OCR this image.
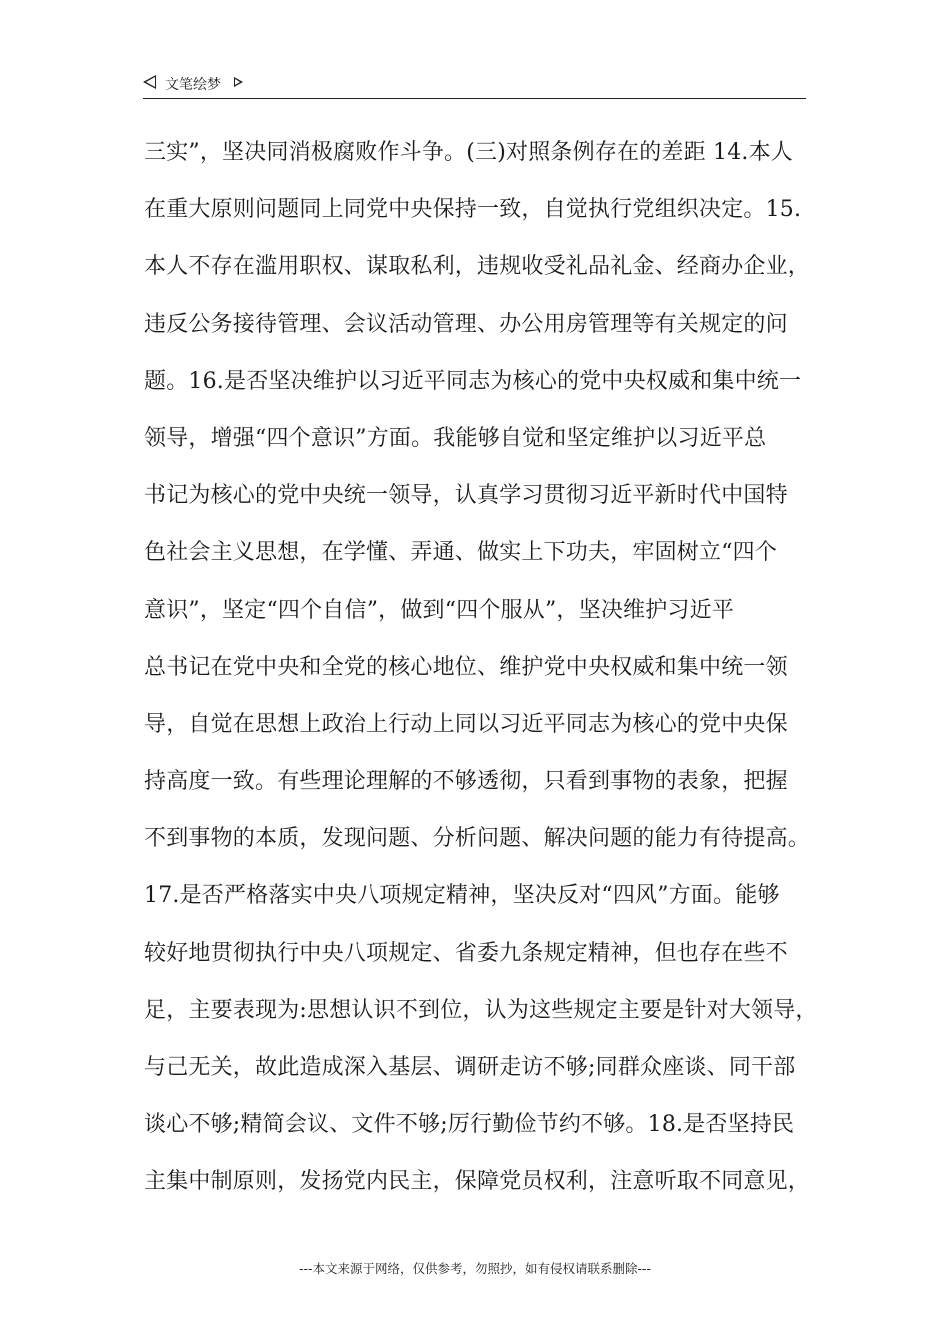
文笔绘梦
三实”，坚决同消极腐败作斗争。(三)对照条例存在的差距 14.本人
在重大原则问题同上同党中央保持一致，自觉执行党组织决定。15.
本人不存在滥用职权、谋取私利，违规收受礼品礼金、经商办企业，
违反公务接待管理、会议活动管理、办公用房管理等有关规定的问
题。16.是否坚决维护以习近平同志为核心的党中央权威和集中统一
领导，增强“四个意识”方面。我能够自觉和坚定维护以习近平总
书记为核心的党中央统一领导，认真学习贯彻习近平新时代中国特
色社会主义思想，在学懂、弄通、做实上下功夫，牢固树立“四个
意识”，坚定“四个自信”，做到“四个服从”，坚决维护习近平
总书记在党中央和全党的核心地位、维护党中央权威和集中统一领
导，自觉在思想上政治上行动上同以习近平同志为核心的党中央保
持高度一致。有些理论理解的不够透彻，只看到事物的表象，把握
不到事物的本质，发现问题、分析问题、解决问题的能力有待提高。
17.是否严格落实中央八项规定精神，坚决反对“四风”方面。能够
较好地贯彻执行中央八项规定、省委九条规定精神，但也存在些不
足，主要表现为:思想认识不到位，认为这些规定主要是针对大领导，
与己无关，故此造成深入基层、调研走访不够;同群众座谈、同干部
谈心不够;精简会议、文件不够;厉行勤俭节约不够。18.是否坚持民
主集中制原则，发扬党内民主，保障党员权利，注意听取不同意见，
---本文来源于网络，仅供参考，勿照抄，如有侵权请联系删除---
